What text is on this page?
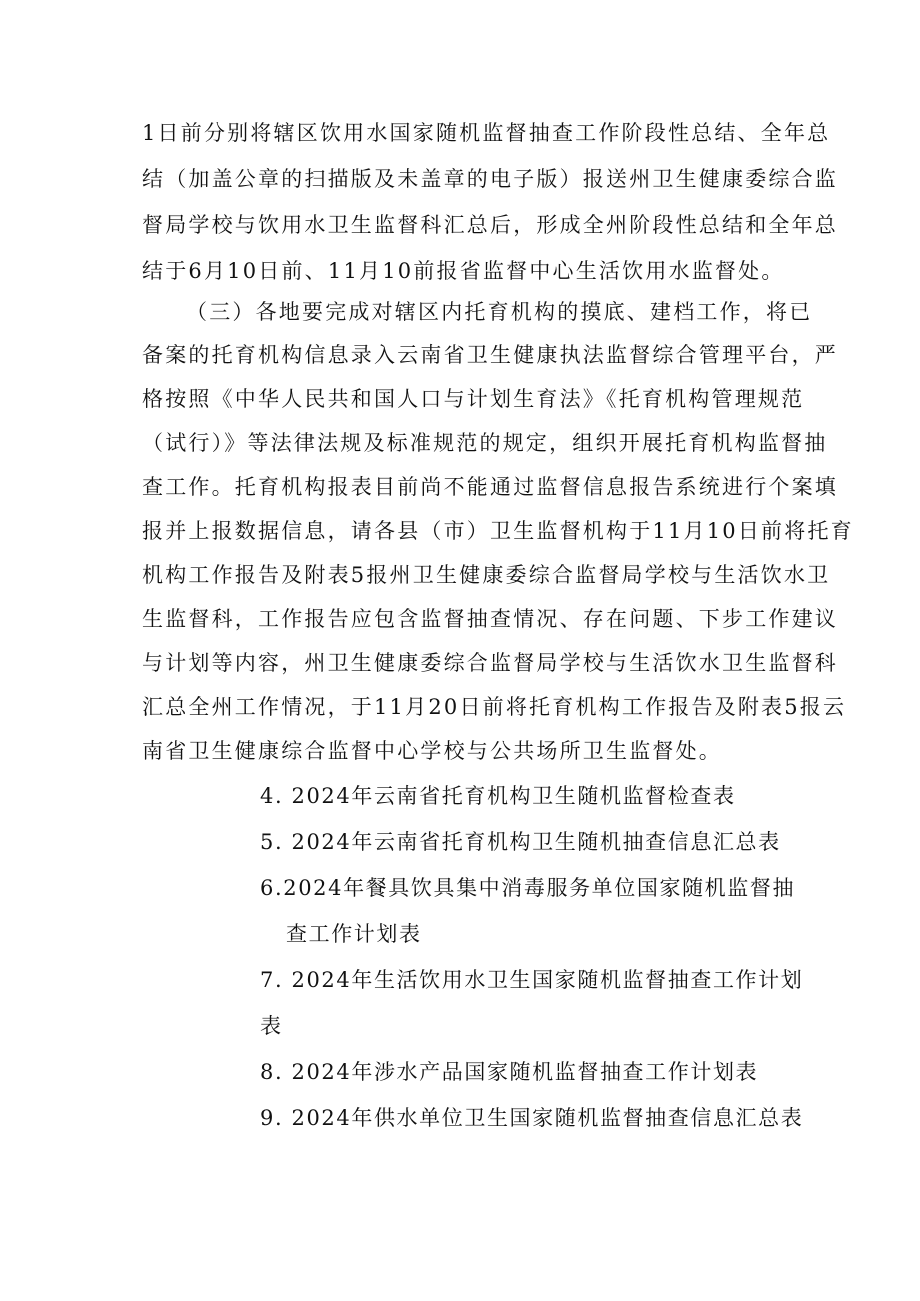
1日前分别将辖区饮用水国家随机监督抽查工作阶段性总结、全年总
结（加盖公章的扫描版及未盖章的电子版）报送州卫生健康委综合监
督局学校与饮用水卫生监督科汇总后，形成全州阶段性总结和全年总
结于6月10日前、11月10前报省监督中心生活饮用水监督处。
（三）各地要完成对辖区内托育机构的摸底、建档工作，将已
备案的托育机构信息录入云南省卫生健康执法监督综合管理平台，严
格按照《中华人民共和国人口与计划生育法》《托育机构管理规范
（试行）》等法律法规及标准规范的规定，组织开展托育机构监督抽
查工作。托育机构报表目前尚不能通过监督信息报告系统进行个案填
报并上报数据信息，请各县（市）卫生监督机构于11月10日前将托育
机构工作报告及附表5报州卫生健康委综合监督局学校与生活饮水卫
生监督科，工作报告应包含监督抽查情况、存在问题、下步工作建议
与计划等内容，州卫生健康委综合监督局学校与生活饮水卫生监督科
汇总全州工作情况，于11月20日前将托育机构工作报告及附表5报云
南省卫生健康综合监督中心学校与公共场所卫生监督处。
4. 2024年云南省托育机构卫生随机监督检查表
5. 2024年云南省托育机构卫生随机抽查信息汇总表
6.2024年餐具饮具集中消毒服务单位国家随机监督抽
查工作计划表
7. 2024年生活饮用水卫生国家随机监督抽查工作计划
表
8. 2024年涉水产品国家随机监督抽查工作计划表
9. 2024年供水单位卫生国家随机监督抽查信息汇总表
